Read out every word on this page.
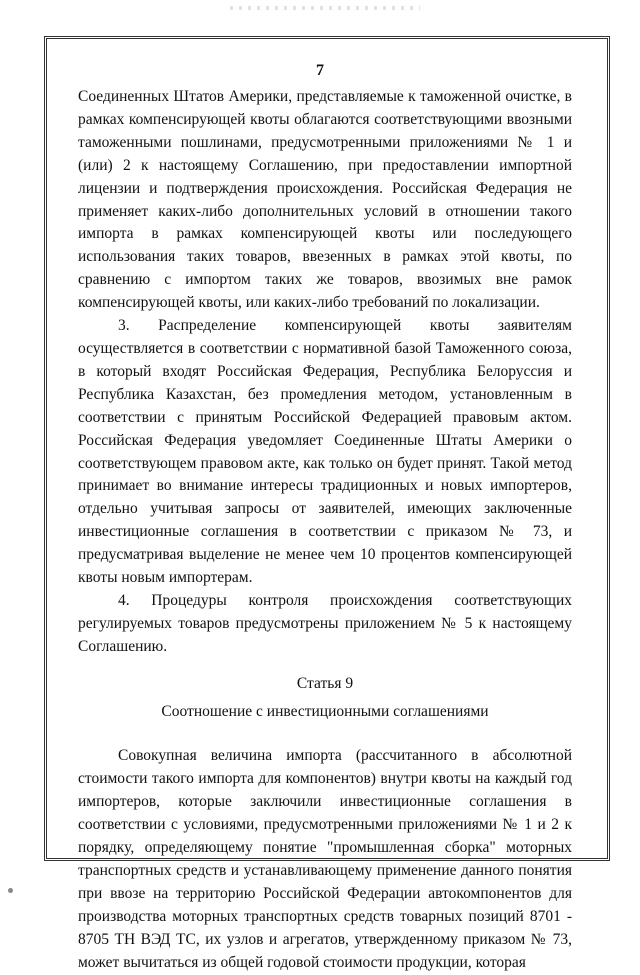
7

Соединенных Штатов Америки, представляемые к таможенной очистке, в рамках компенсирующей квоты облагаются соответствующими ввозными таможенными пошлинами, предусмотренными приложениями № 1 и (или) 2 к настоящему Соглашению, при предоставлении импортной лицензии и подтверждения происхождения. Российская Федерация не применяет каких-либо дополнительных условий в отношении такого импорта в рамках компенсирующей квоты или последующего использования таких товаров, ввезенных в рамках этой квоты, по сравнению с импортом таких же товаров, ввозимых вне рамок компенсирующей квоты, или каких-либо требований по локализации.

3. Распределение компенсирующей квоты заявителям осуществляется в соответствии с нормативной базой Таможенного союза, в который входят Российская Федерация, Республика Белоруссия и Республика Казахстан, без промедления методом, установленным в соответствии с принятым Российской Федерацией правовым актом. Российская Федерация уведомляет Соединенные Штаты Америки о соответствующем правовом акте, как только он будет принят. Такой метод принимает во внимание интересы традиционных и новых импортеров, отдельно учитывая запросы от заявителей, имеющих заключенные инвестиционные соглашения в соответствии с приказом № 73, и предусматривая выделение не менее чем 10 процентов компенсирующей квоты новым импортерам.

4. Процедуры контроля происхождения соответствующих регулируемых товаров предусмотрены приложением № 5 к настоящему Соглашению.

Статья 9

Соотношение с инвестиционными соглашениями

Совокупная величина импорта (рассчитанного в абсолютной стоимости такого импорта для компонентов) внутри квоты на каждый год импортеров, которые заключили инвестиционные соглашения в соответствии с условиями, предусмотренными приложениями № 1 и 2 к порядку, определяющему понятие "промышленная сборка" моторных транспортных средств и устанавливающему применение данного понятия при ввозе на территорию Российской Федерации автокомпонентов для производства моторных транспортных средств товарных позиций 8701 - 8705 ТН ВЭД ТС, их узлов и агрегатов, утвержденному приказом № 73, может вычитаться из общей годовой стоимости продукции, которая
